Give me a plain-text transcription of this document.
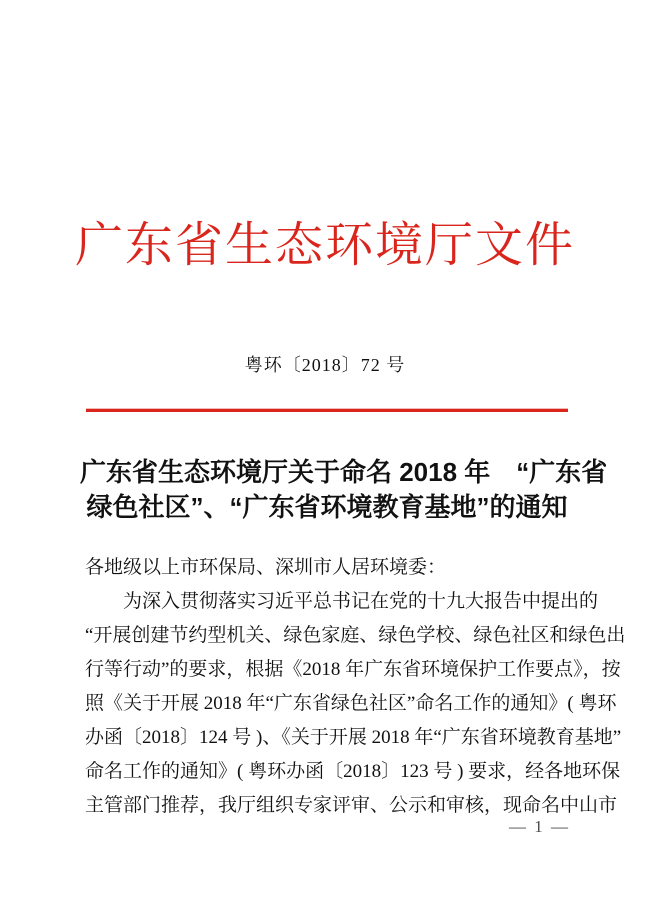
广东省生态环境厅文件
粤环〔2018〕72 号
广东省生态环境厅关于命名 2018 年　“广东省
绿色社区”、“广东省环境教育基地”的通知

各地级以上市环保局、深圳市人居环境委：

为深入贯彻落实习近平总书记在党的十九大报告中提出的

“开展创建节约型机关、绿色家庭、绿色学校、绿色社区和绿色出

行等行动”的要求，根据《2018 年广东省环境保护工作要点》，按

照《关于开展 2018 年“广东省绿色社区”命名工作的通知》( 粤环

办函〔2018〕124 号 )、《关于开展 2018 年“广东省环境教育基地”

命名工作的通知》( 粤环办函〔2018〕123 号 ) 要求，经各地环保

主管部门推荐，我厅组织专家评审、公示和审核，现命名中山市

— 1 —
